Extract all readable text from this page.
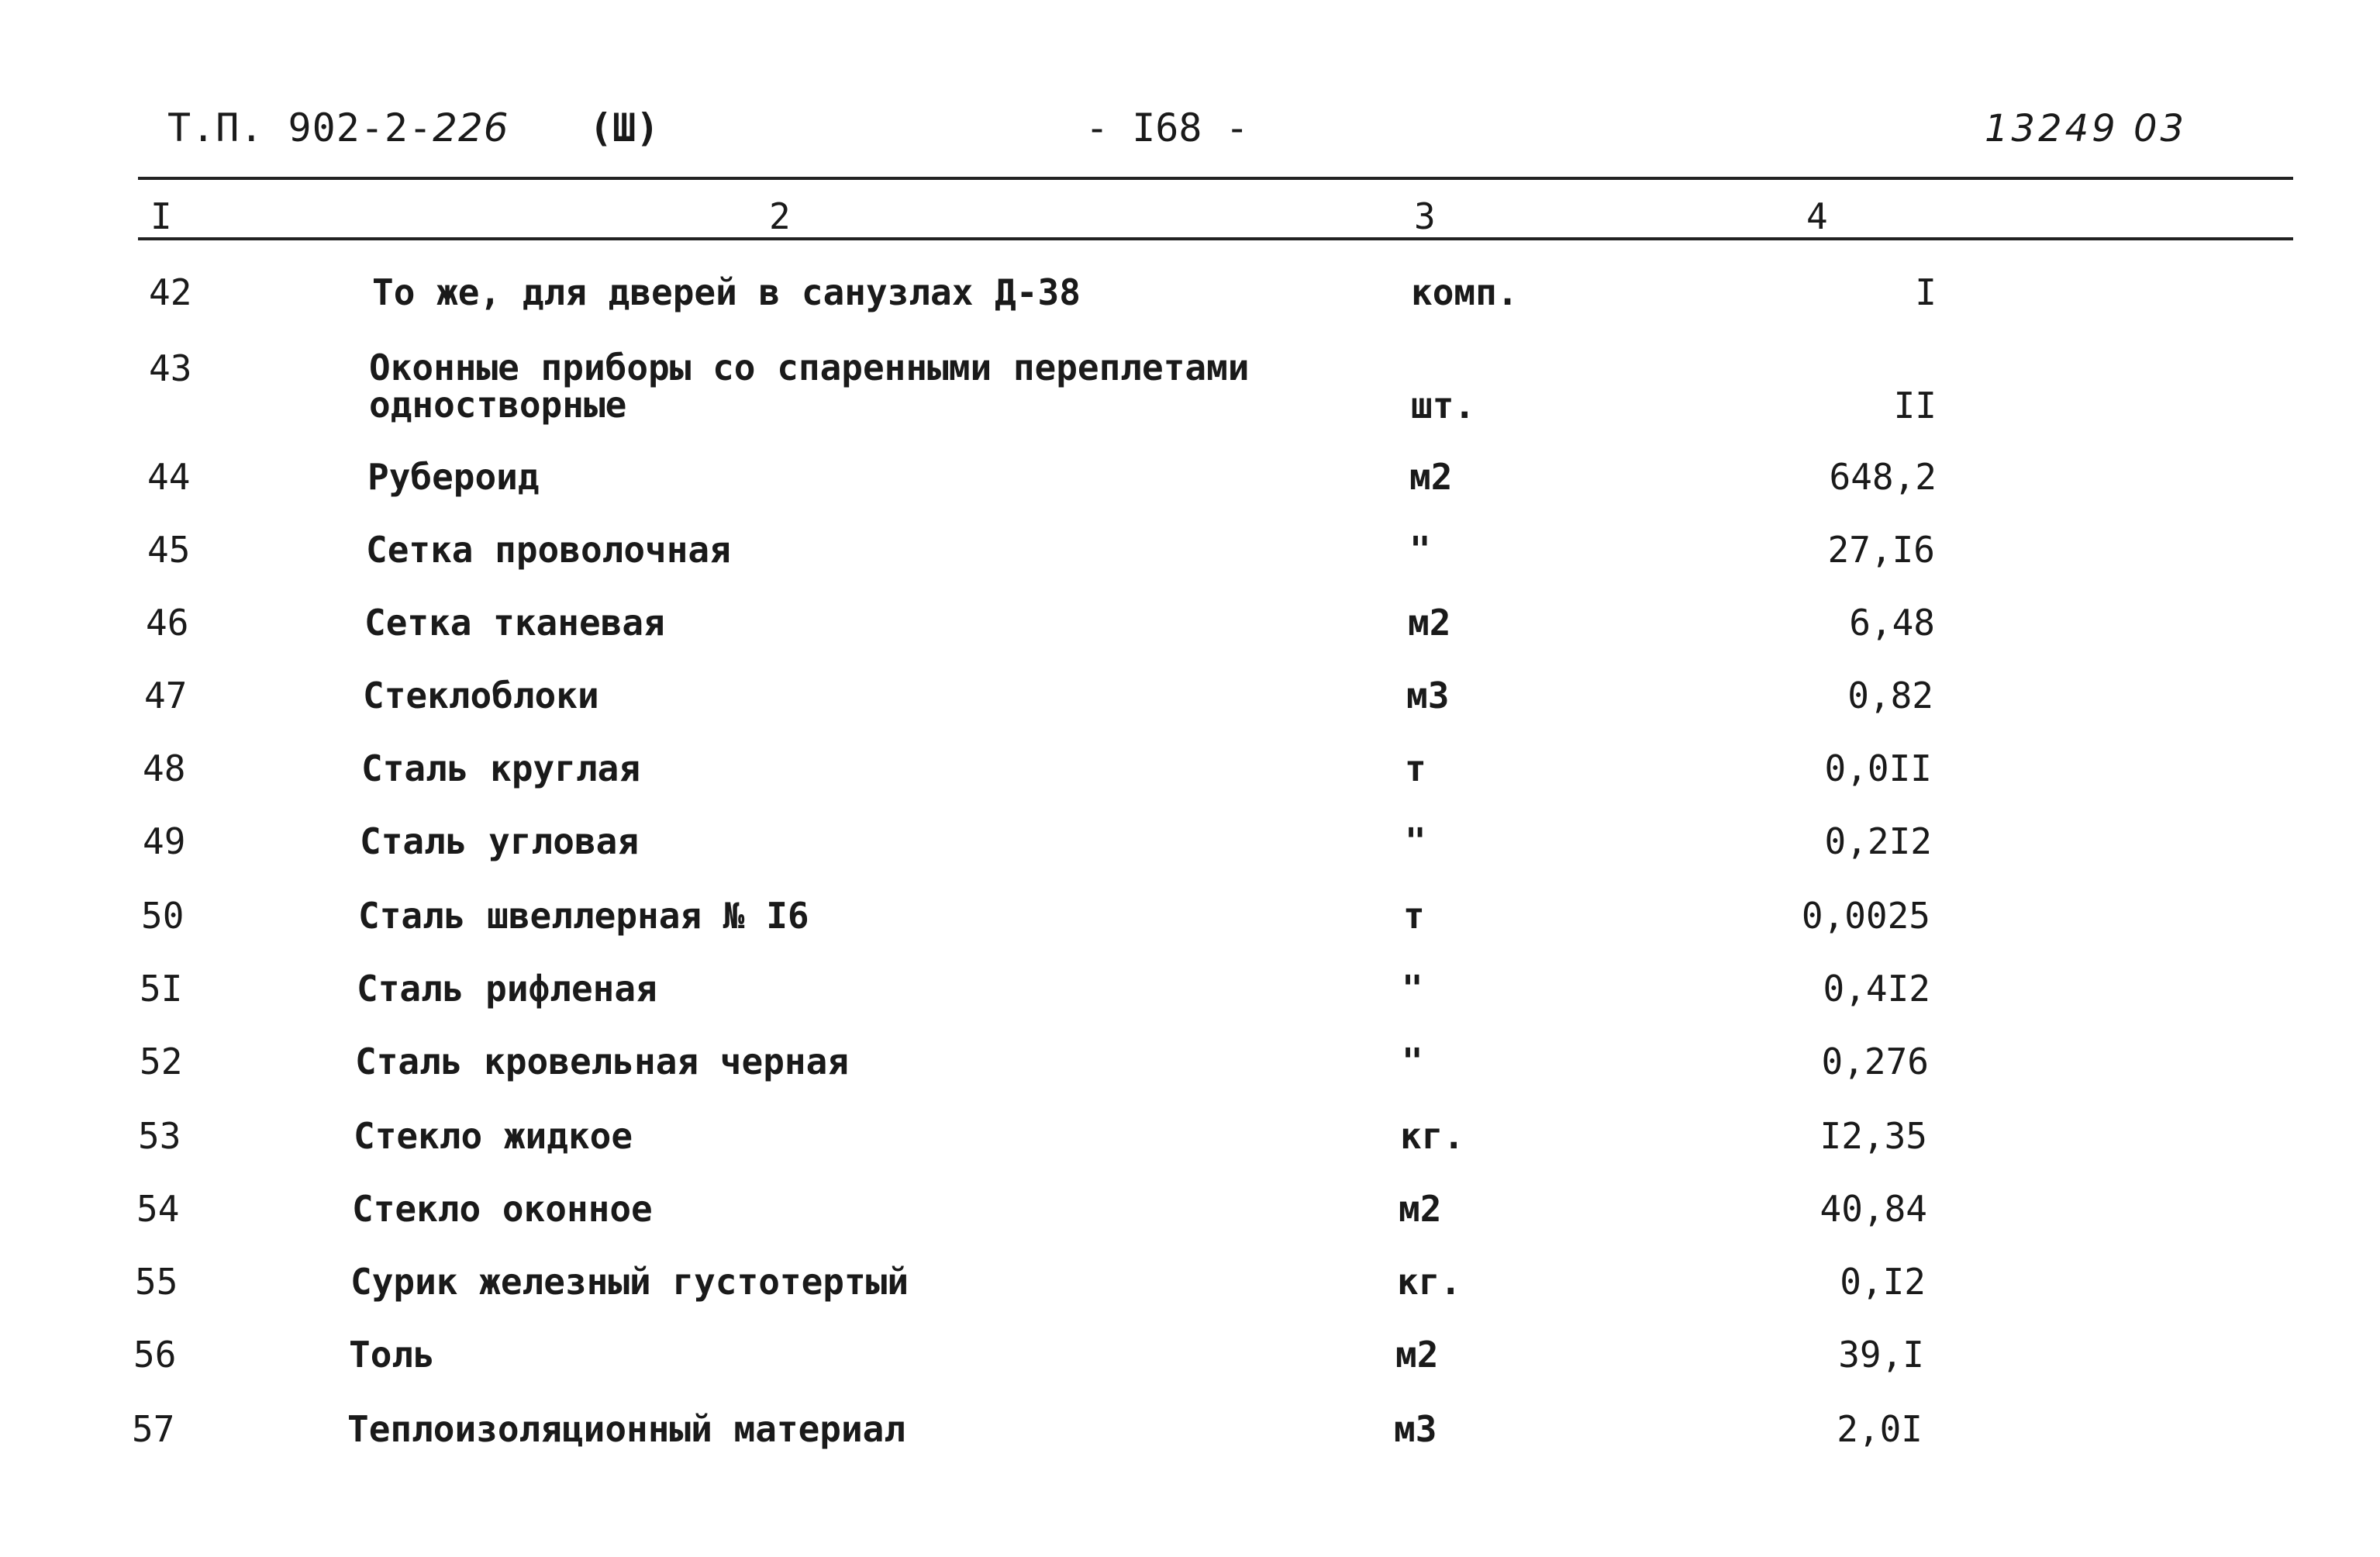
Т.П. 902-2-226 (Ш)	- I68 -	13249 03
I	2	3	4
42	То же, для дверей в санузлах Д-38	комп.	I
43	Оконные приборы со спаренными переплетами
одностворные	шт.	II
44	Рубероид	м2	648,2
45	Сетка проволочная	"	27,I6
46	Сетка тканевая	м2	6,48
47	Стеклоблоки	м3	0,82
48	Сталь круглая	т	0,0II
49	Сталь угловая	"	0,2I2
50	Сталь швеллерная № I6	т	0,0025
5I	Сталь рифленая	"	0,4I2
52	Сталь кровельная черная	"	0,276
53	Стекло жидкое	кг.	I2,35
54	Стекло оконное	м2	40,84
55	Сурик железный густотертый	кг.	0,I2
56	Толь	м2	39,I
57	Теплоизоляционный материал	м3	2,0I
